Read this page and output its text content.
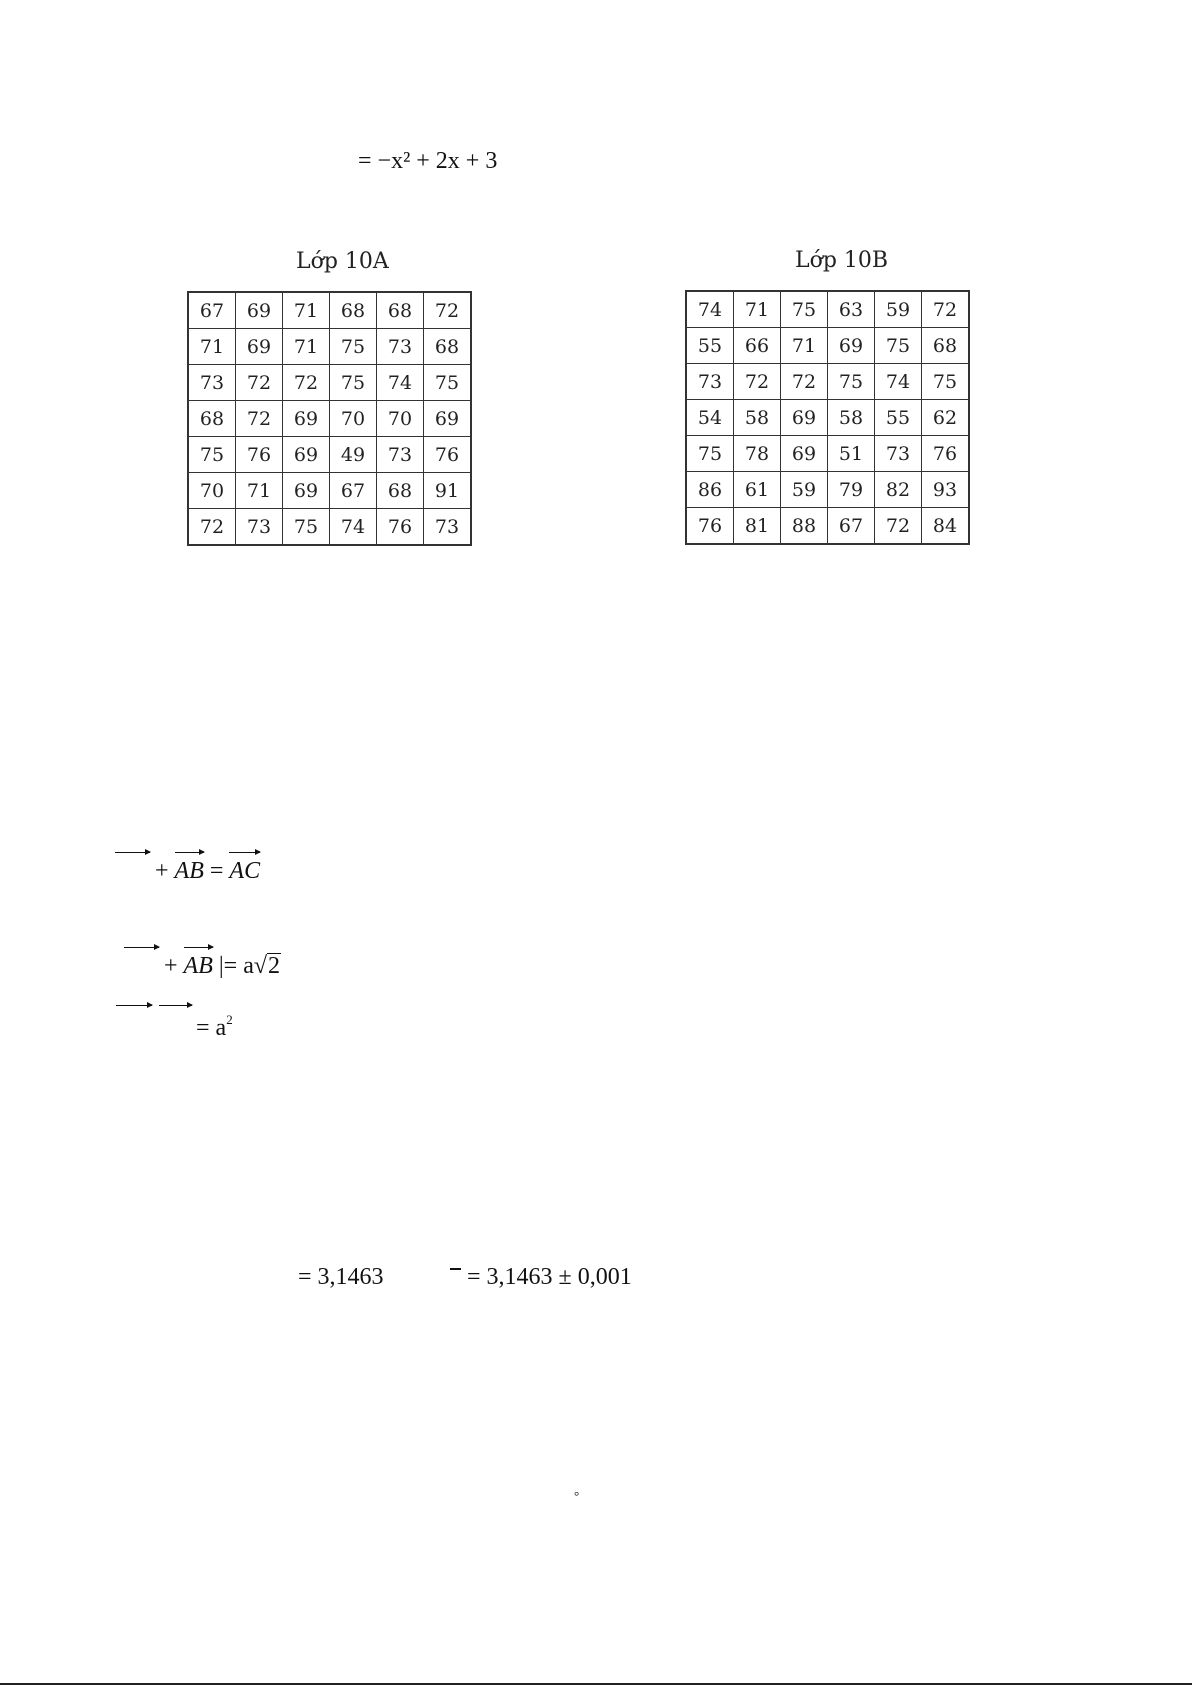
= −x² + 2x + 3
Lớp 10A	Lớp 10B
67	69	71	68	68	72
71	69	71	75	73	68
73	72	72	75	74	75
68	72	69	70	70	69
75	76	69	49	73	76
70	71	69	67	68	91
72	73	75	74	76	73
74	71	75	63	59	72
55	66	71	69	75	68
73	72	72	75	74	75
54	58	69	58	55	62
75	78	69	51	73	76
86	61	59	79	82	93
76	81	88	67	72	84
+ AB = AC
+ AB |= a√2
= $a^2$
= 3,1463	= 3,1463 ± 0,001
°
